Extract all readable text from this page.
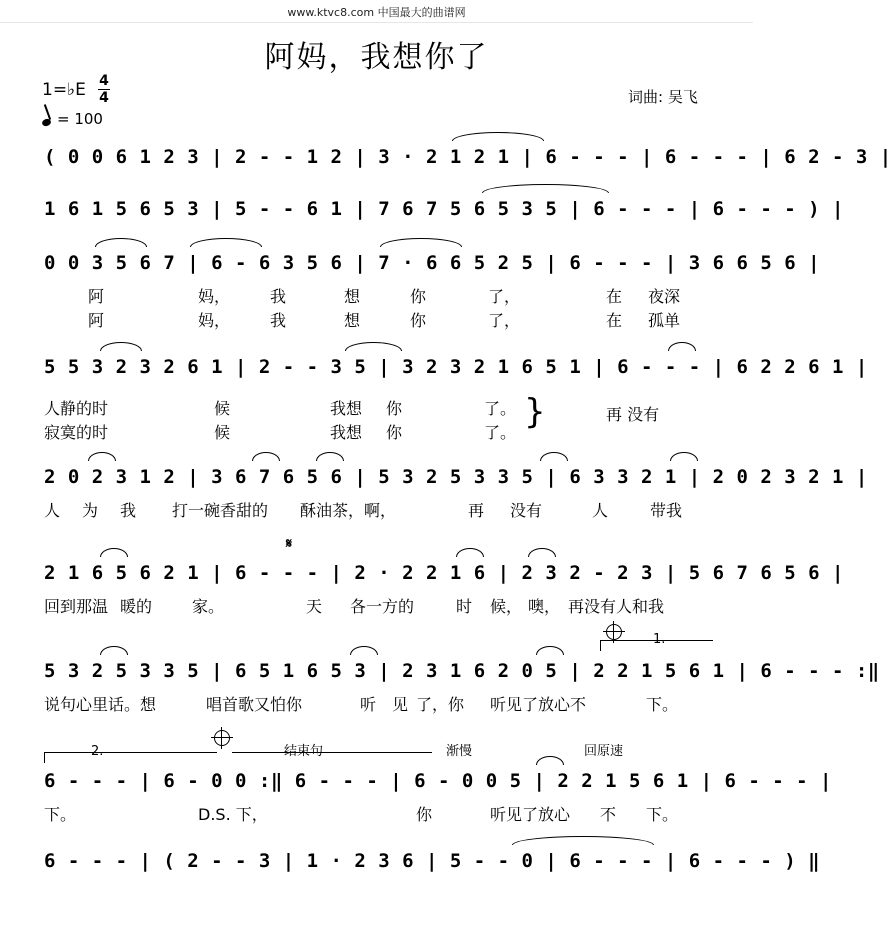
www.ktvc8.com 中国最大的曲谱网
阿妈，我想你了
1=♭E 4
4
= 100
词曲: 吴飞
( 0 0 6 1 2 3 | 2 - - 1 2 | 3 · 2 1 2 1 | 6 - - - | 6 - - - | 6 2 - 3 |
1 6 1 5 6 5 3 | 5 - - 6 1 | 7 6 7 5 6 5 3 5 | 6 - - - | 6 - - - ) |
0 0 3 5 6 7 | 6 - 6 3 5 6 | 7 · 6 6 5 2 5 | 6 - - - | 3 6 6 5 6 |
阿	妈， 我	想	你	了，	在 夜深
阿	妈， 我	想	你	了，	在 孤单
5 5 3 2 3 2 6 1 | 2 - - 3 5 | 3 2 3 2 1 6 5 1 | 6 - - - | 6 2 2 6 1 |
人静的时	候	我想 你	了。
寂寞的时	候	我想 你	了。
}	再 没有
2 0 2 3 1 2 | 3 6 7 6 5 6 | 5 3 2 5 3 3 5 | 6 3 3 2 1 | 2 0 2 3 2 1 |
人 为 我 打一碗香甜的 酥油茶，啊，	再 没有	人	带我
2 1 6 5 6 2 1 | 6 - - - | 2 · 2 2 1 6 | 2 3 2 - 2 3 | 5 6 7 6 5 6 |
𝄋
回到那温 暖的 家。	天 各一方的	时 候， 噢， 再没有人和我
1.
5 3 2 5 3 3 5 | 6 5 1 6 5 3 | 2 3 1 6 2 0 5 | 2 2 1 5 6 1 | 6 - - - :‖
说句心里话。想	唱首歌又怕你	听 见 了，你 听见了放心不	下。
2.	结束句	渐慢	回原速
6 - - - | 6 - 0 0 :‖ 6 - - - | 6 - 0 0 5 | 2 2 1 5 6 1 | 6 - - - |
下。	D.S. 下，	你	听见了放心 不 下。
6 - - - | ( 2 - - 3 | 1 · 2 3 6 | 5 - - 0 | 6 - - - | 6 - - - ) ‖
